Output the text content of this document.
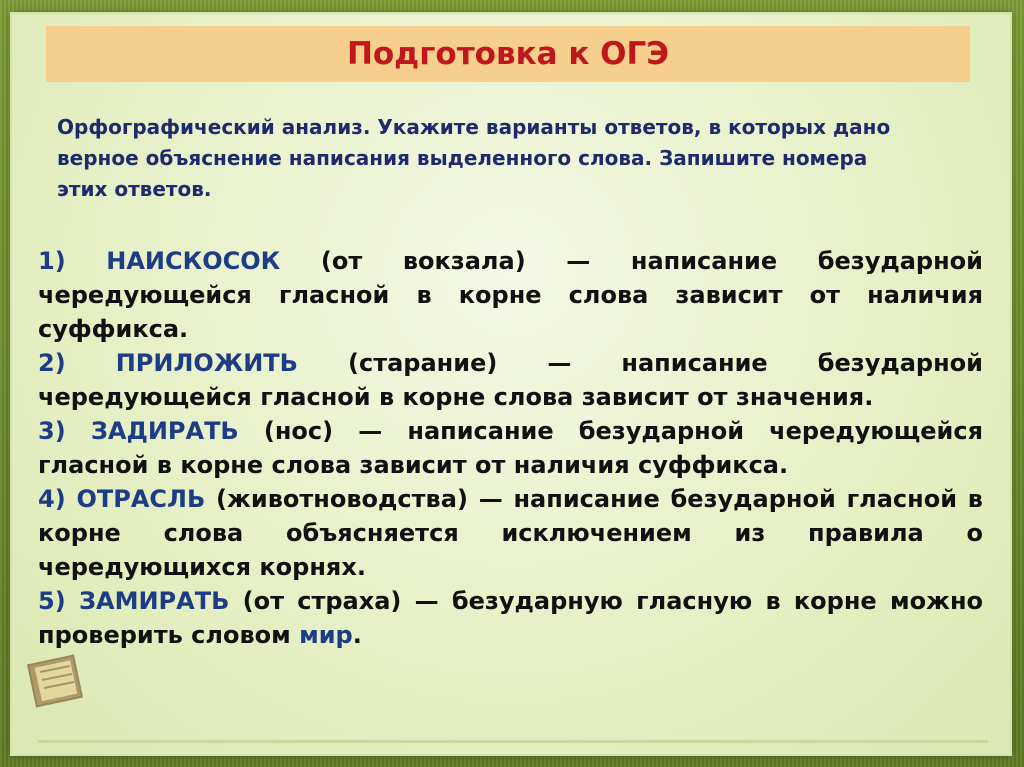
Подготовка к ОГЭ

Орфографический анализ. Укажите варианты ответов, в которых дано верное объяснение написания выделенного слова. Запишите номера этих ответов.

1) НАИСКОСОК (от вокзала) — написание безударной чередующейся гласной в корне слова зависит от наличия суффикса.
2) ПРИЛОЖИТЬ (старание) — написание безударной чередующейся гласной в корне слова зависит от значения.
3) ЗАДИРАТЬ (нос) — написание безударной чередующейся гласной в корне слова зависит от наличия суффикса.
4) ОТРАСЛЬ (животноводства) — написание безударной гласной в корне слова объясняется исключением из правила о чередующихся корнях.
5) ЗАМИРАТЬ (от страха) — безударную гласную в корне можно проверить словом мир.
